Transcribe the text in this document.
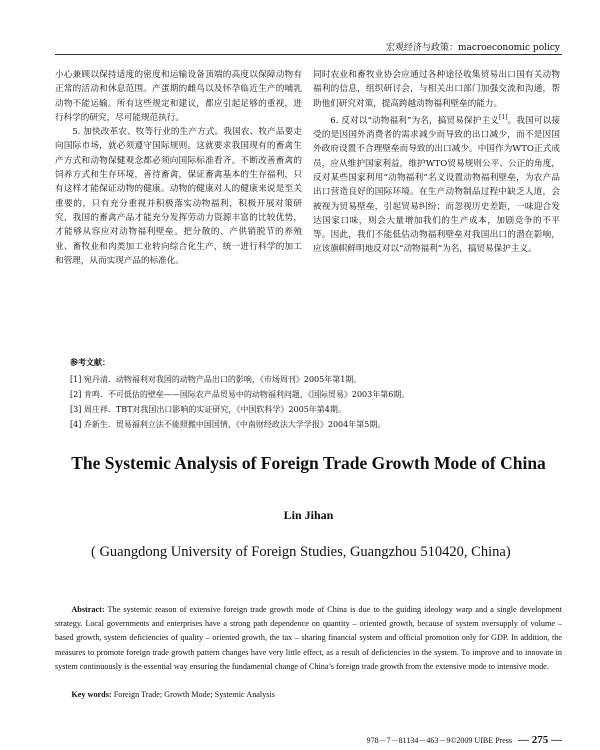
宏观经济与政策：macroeconomic policy

小心兼顾以保持适度的密度和运输设备顶端的高度以保障动物有正常的活动和休息范围。产蛋期的雌鸟以及怀孕临近生产的哺乳动物不能运输。所有这些规定和建议，都应引起足够的重视，进行科学的研究，尽可能规范执行。

5. 加快改革农、牧等行业的生产方式。我国农、牧产品要走向国际市场，就必须遵守国际规则。这就要求我国现有的畜禽生产方式和动物保健观念都必须向国际标准看齐。不断改善畜禽的饲养方式和生存环境，善待畜禽，保证畜禽基本的生存福利，只有这样才能保证动物的健康。动物的健康对人的健康来说是至关重要的，只有充分重视并积极落实动物福利，积极开展对策研究，我国的畜禽产品才能充分发挥劳动力资源丰富的比较优势，才能够从容应对动物福利壁垒。把分散的、产供销脱节的养殖业、畜牧业和肉类加工业转向综合化生产，统一进行科学的加工和管理，从而实现产品的标准化。

同时农业和畜牧业协会应通过各种途径收集贸易出口国有关动物福利的信息，组织研讨会，与相关出口部门加强交流和沟通，帮助他们研究对策，提高跨越动物福利壁垒的能力。

6. 反对以“动物福利”为名，搞贸易保护主义[1]。我国可以接受的是因国外消费者的需求减少而导致的出口减少，而不是因国外政府设置不合理壁垒而导致的出口减少。中国作为WTO正式成员，应从维护国家利益，维护WTO贸易规则公平、公正的角度，反对某些国家利用“动物福利”名义设置动物福利壁垒，为农产品出口营造良好的国际环境。在生产动物制品过程中缺乏人道，会被视为贸易壁垒，引起贸易纠纷；而忽视历史差距，一味迎合发达国家口味，则会大量增加我们的生产成本，加剧竞争的不平等。因此，我们不能低估动物福利壁垒对我国出口的潜在影响，应该旗帜鲜明地反对以“动物福利”为名，搞贸易保护主义。

参考文献：
[1] 宛丹清．动物福利对我国的动物产品出口的影响，《市场周刊》2005年第1期。
[2] 肯鸣．不可低估的壁垒——国际农产品贸易中的动物福利问题，《国际贸易》2003年第6期。
[3] 周庄祥．TBT对我国出口影响的实证研究，《中国软科学》2005年第4期。
[4] 乔新生．贸易福利立法不能照搬中国国情，《中南财经政法大学学报》2004年第5期。
The Systemic Analysis of Foreign Trade Growth Mode of China
Lin Jihan
( Guangdong University of Foreign Studies, Guangzhou 510420, China)
Abstract: The systemic reason of extensive foreign trade growth mode of China is due to the guiding ideology warp and a single development strategy. Local governments and enterprises have a strong path dependence on quantity – oriented growth, because of system oversupply of volume – based growth, system deficiencies of quality – oriented growth, the tax – sharing financial system and official promotion only for GDP. In addition, the measures to promote foreign trade growth pattern changes have very little effect, as a result of deficiencies in the system. To improve and to innovate in system continuously is the essential way ensuring the fundamental change of China’s foreign trade growth from the extensive mode to intensive mode.
Key words: Foreign Trade; Growth Mode; Systemic Analysis
978－7－81134－463－9©2009 UIBE Press — 275 —
